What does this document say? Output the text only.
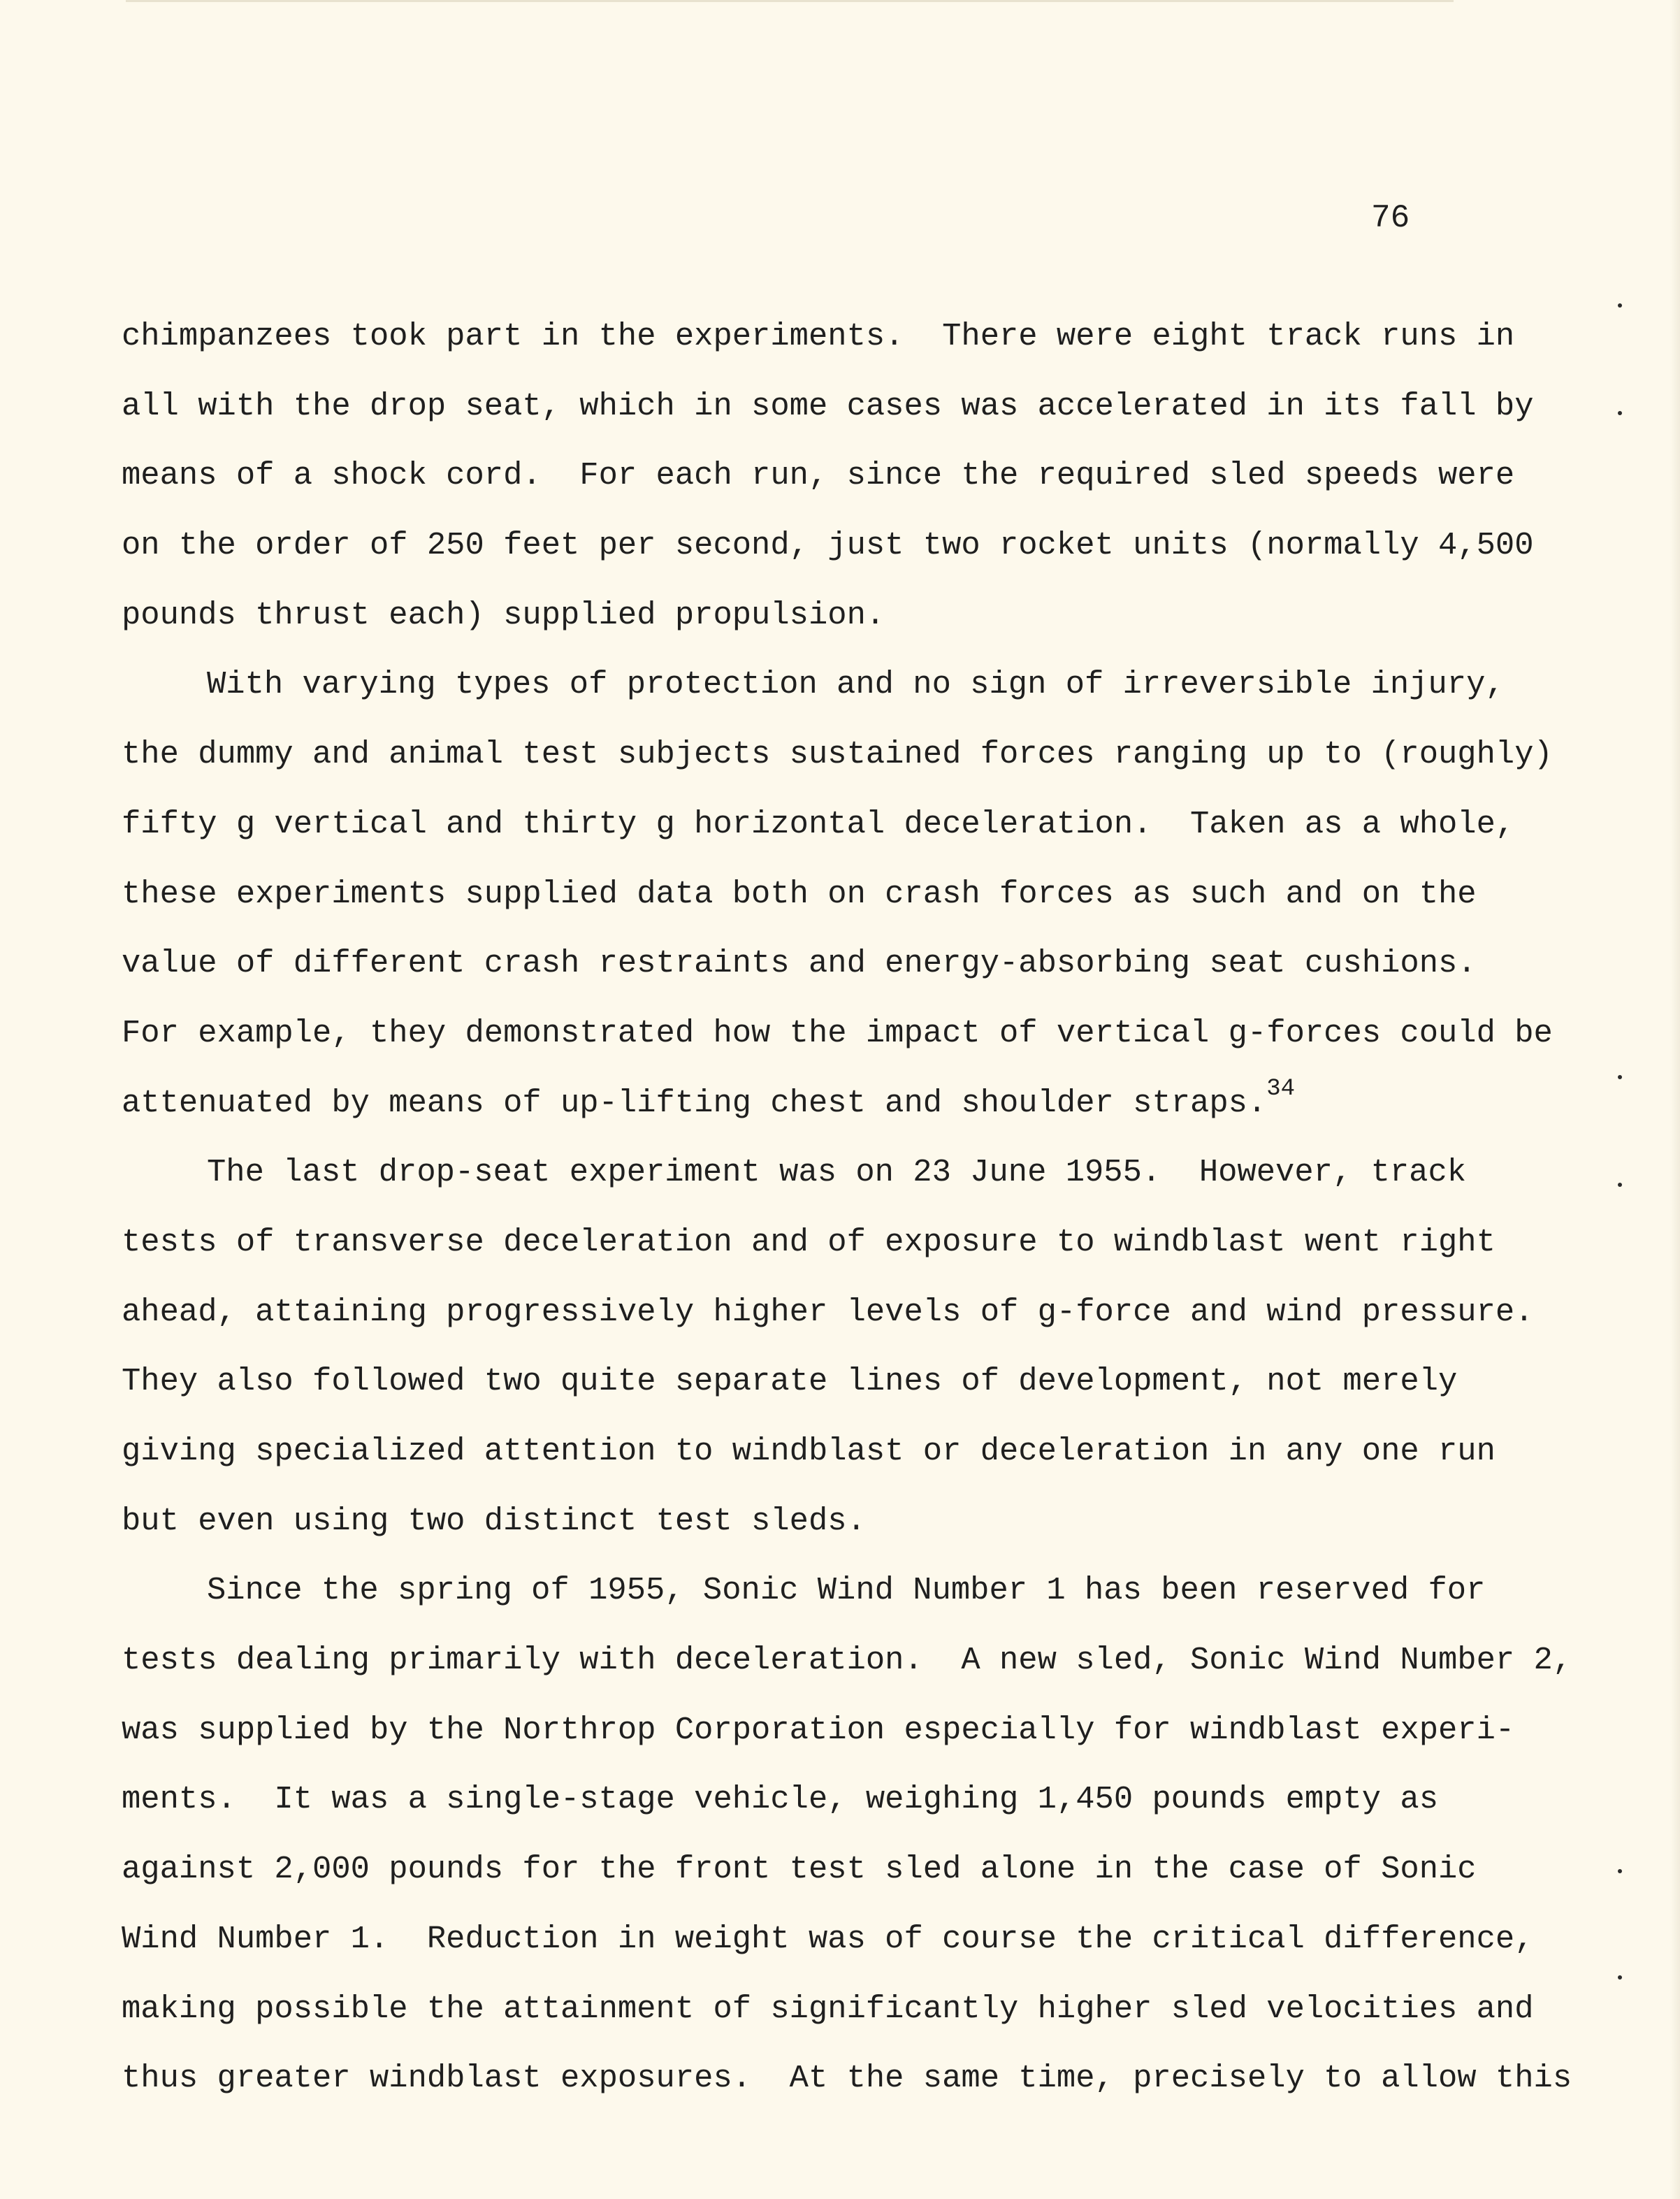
76
chimpanzees took part in the experiments.  There were eight track runs in
all with the drop seat, which in some cases was accelerated in its fall by
means of a shock cord.  For each run, since the required sled speeds were
on the order of 250 feet per second, just two rocket units (normally 4,500
pounds thrust each) supplied propulsion.
With varying types of protection and no sign of irreversible injury,
the dummy and animal test subjects sustained forces ranging up to (roughly)
fifty g vertical and thirty g horizontal deceleration.  Taken as a whole,
these experiments supplied data both on crash forces as such and on the
value of different crash restraints and energy-absorbing seat cushions.
For example, they demonstrated how the impact of vertical g-forces could be
attenuated by means of up-lifting chest and shoulder straps.$^{34}$
The last drop-seat experiment was on 23 June 1955.  However, track
tests of transverse deceleration and of exposure to windblast went right
ahead, attaining progressively higher levels of g-force and wind pressure.
They also followed two quite separate lines of development, not merely
giving specialized attention to windblast or deceleration in any one run
but even using two distinct test sleds.
Since the spring of 1955, Sonic Wind Number 1 has been reserved for
tests dealing primarily with deceleration.  A new sled, Sonic Wind Number 2,
was supplied by the Northrop Corporation especially for windblast experi-
ments.  It was a single-stage vehicle, weighing 1,450 pounds empty as
against 2,000 pounds for the front test sled alone in the case of Sonic
Wind Number 1.  Reduction in weight was of course the critical difference,
making possible the attainment of significantly higher sled velocities and
thus greater windblast exposures.  At the same time, precisely to allow this
